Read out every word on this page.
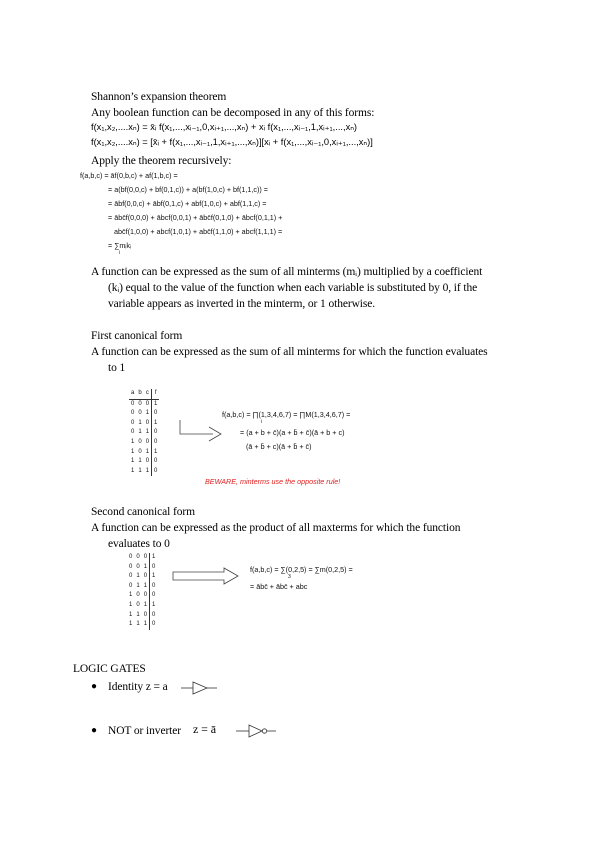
Shannon’s expansion theorem
Any boolean function can be decomposed in any of this forms:
f(x₁,x₂,....xₙ) = x̄ᵢ f(x₁,...,xᵢ₋₁,0,xᵢ₊₁,...,xₙ) + xᵢ f(x₁,...,xᵢ₋₁,1,xᵢ₊₁,...,xₙ)
f(x₁,x₂,....xₙ) = [x̄ᵢ + f(x₁,...,xᵢ₋₁,1,xᵢ₊₁,...,xₙ)][xᵢ + f(x₁,...,xᵢ₋₁,0,xᵢ₊₁,...,xₙ)]
Apply the theorem recursively:
f(a,b,c) = āf(0,b,c) + af(1,b,c) =
= a(bf(0,0,c) + bf(0,1,c)) + a(bf(1,0,c) + bf(1,1,c)) =
= ābf(0,0,c) + ābf(0,1,c) + abf(1,0,c) + abf(1,1,c) =
= ābc̄f(0,0,0) + ābcf(0,0,1) + ābc̄f(0,1,0) + ābcf(0,1,1) +
abc̄f(1,0,0) + abcf(1,0,1) + abc̄f(1,1,0) + abcf(1,1,1) =
= ∑mᵢkᵢ
i
A function can be expressed as the sum of all minterms (mᵢ) multiplied by a coefficient
(kᵢ) equal to the value of the function when each variable is substituted by 0, if the
variable appears as inverted in the minterm, or 1 otherwise.
First canonical form
A function can be expressed as the sum of all minterms for which the function evaluates
to 1
a	b	c	f
0	0	0	1
0	0	1	0
0	1	0	1
0	1	1	0
1	0	0	0
1	0	1	1
1	1	0	0
1	1	1	0
f(a,b,c) = ∏(1,3,4,6,7) = ∏M(1,3,4,6,7) =
i
= (a + b + c̄)(a + b̄ + c̄)(ā + b + c)
(ā + b̄ + c)(ā + b̄ + c̄)
BEWARE, minterms use the opposite rule!
Second canonical form
A function can be expressed as the product of all maxterms for which the function
evaluates to 0
0	0	0	1
0	0	1	0
0	1	0	1
0	1	1	0
1	0	0	0
1	0	1	1
1	1	0	0
1	1	1	0
f(a,b,c) = ∑(0,2,5) = ∑m(0,2,5) =
3
= ābc̄ + ābc̄ + abc
LOGIC GATES
● Identity z = a
● NOT or inverter z = ā
